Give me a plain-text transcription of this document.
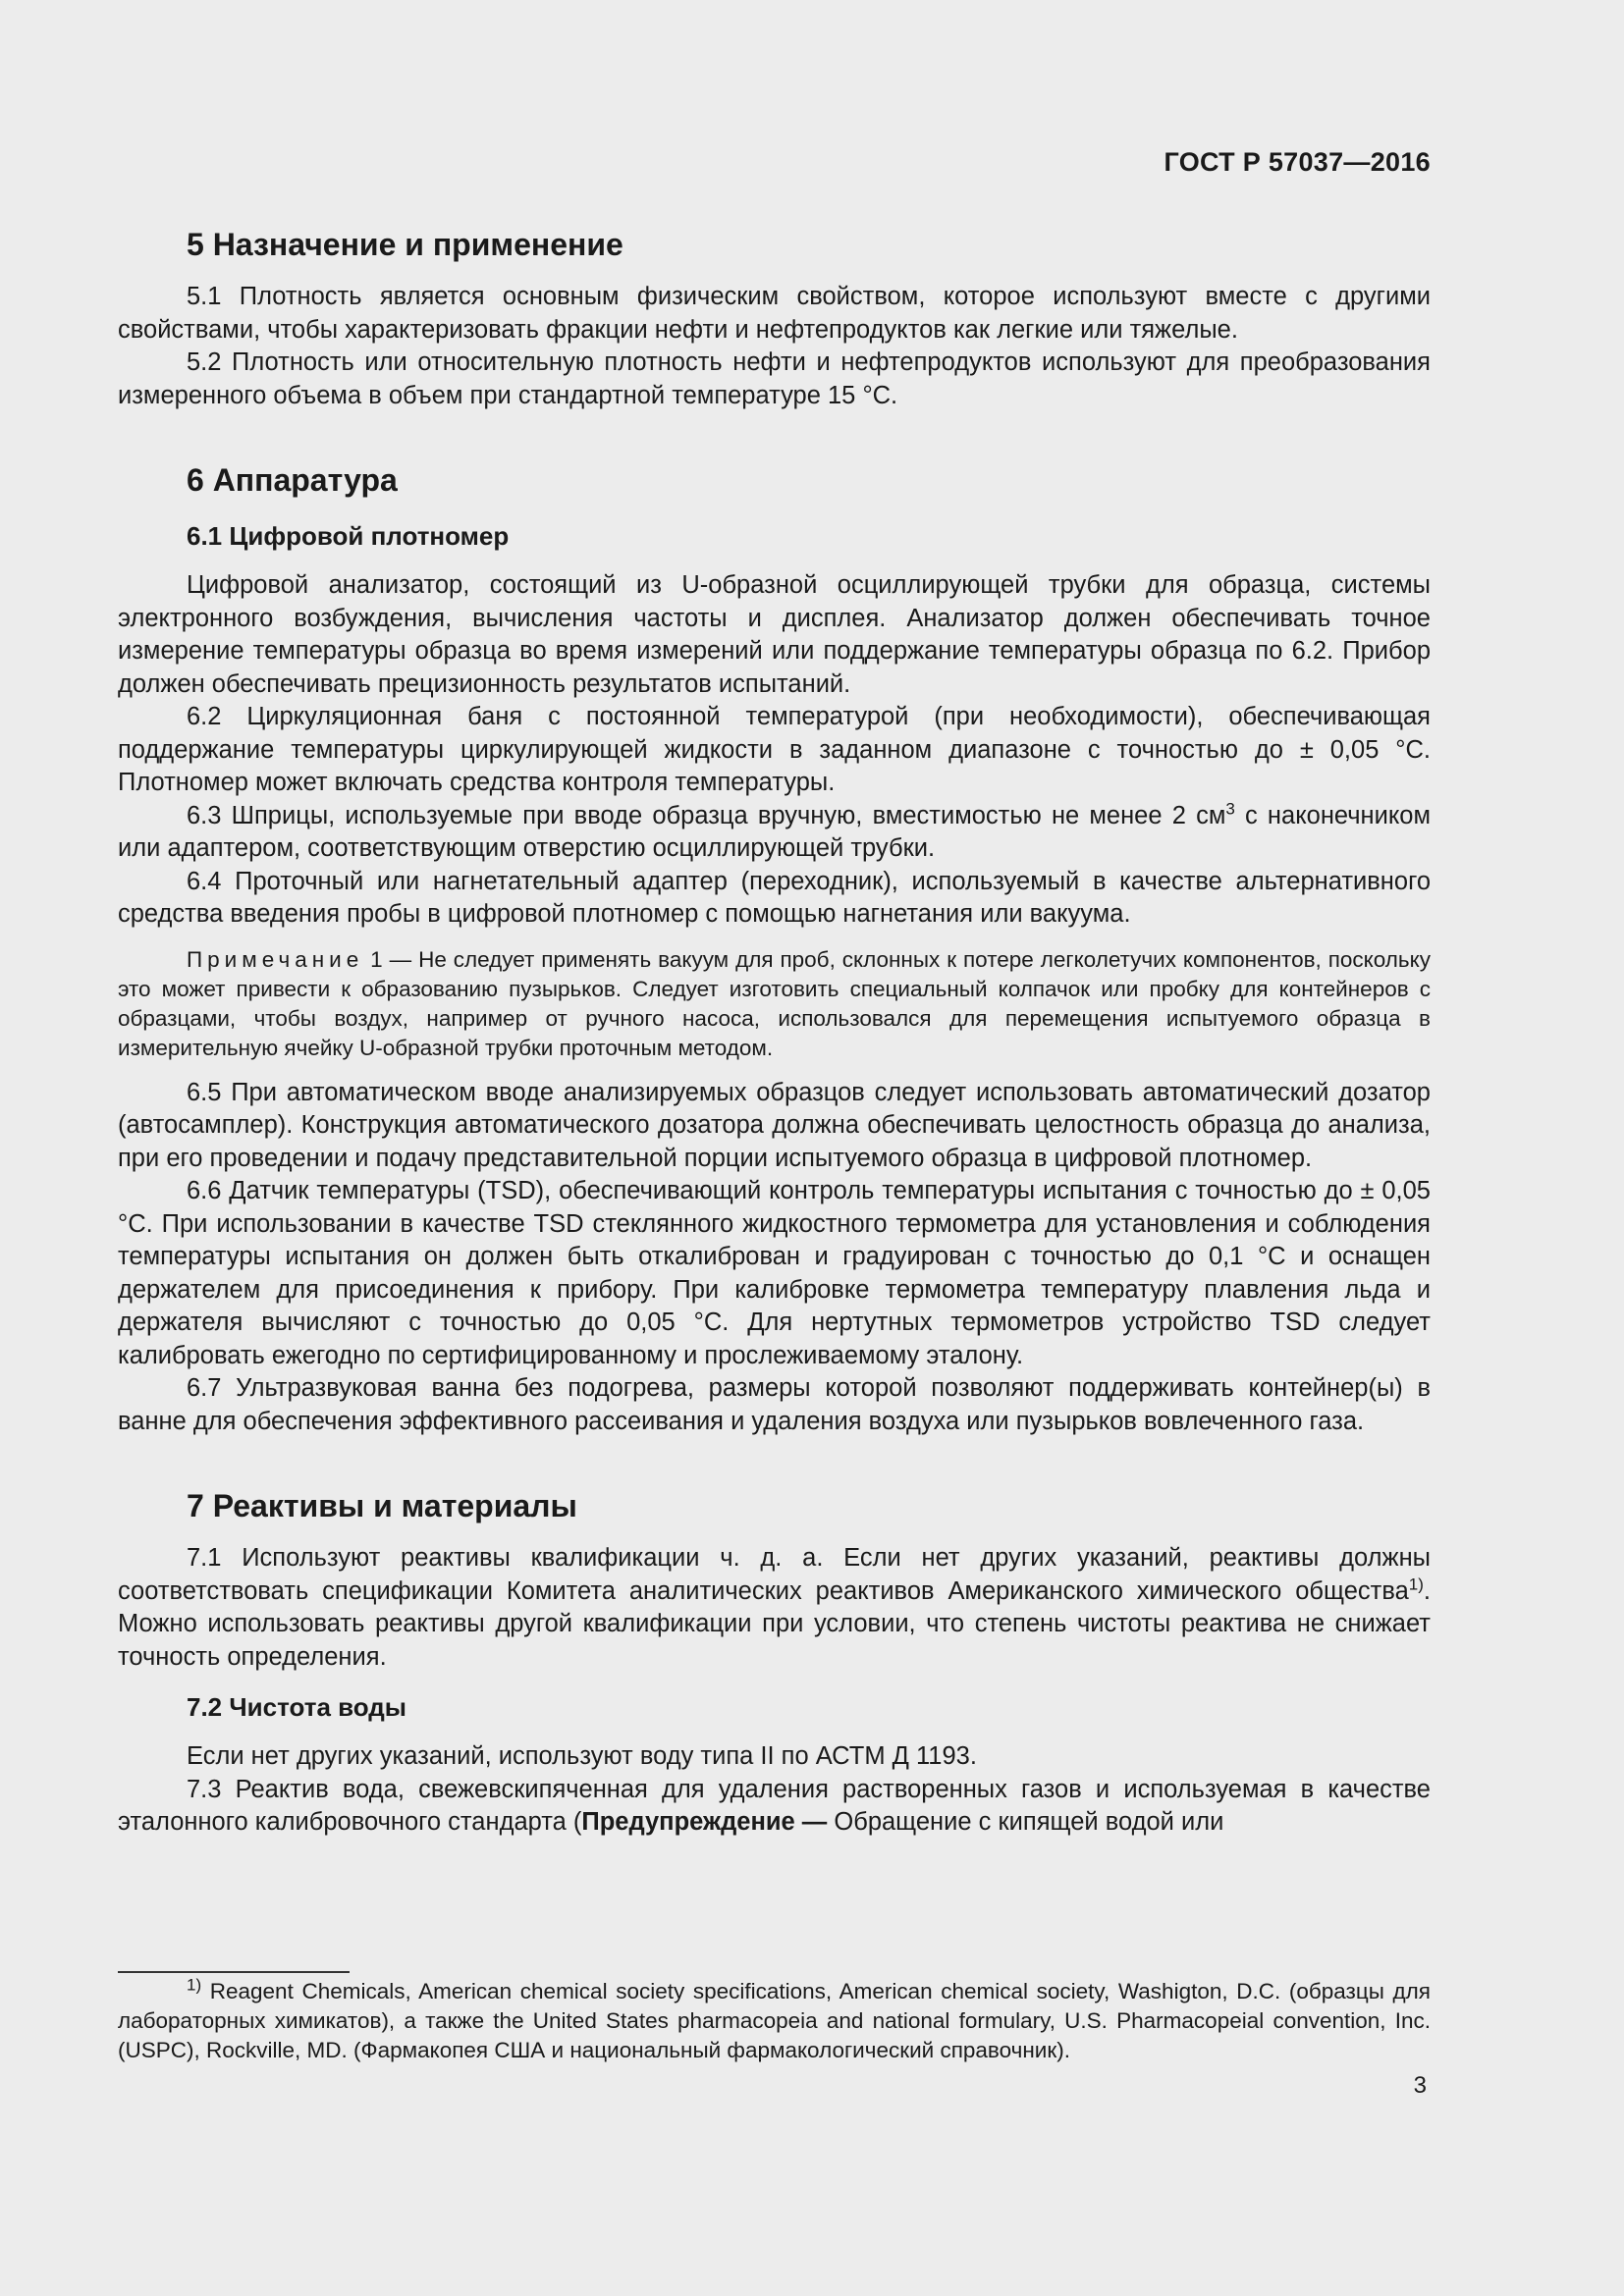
ГОСТ Р 57037—2016
5 Назначение и применение

5.1 Плотность является основным физическим свойством, которое используют вместе с другими свойствами, чтобы характеризовать фракции нефти и нефтепродуктов как легкие или тяжелые.

5.2 Плотность или относительную плотность нефти и нефтепродуктов используют для преобразования измеренного объема в объем при стандартной температуре 15 °С.

6 Аппаратура
6.1 Цифровой плотномер

Цифровой анализатор, состоящий из U-образной осциллирующей трубки для образца, системы электронного возбуждения, вычисления частоты и дисплея. Анализатор должен обеспечивать точное измерение температуры образца во время измерений или поддержание температуры образца по 6.2. Прибор должен обеспечивать прецизионность результатов испытаний.

6.2 Циркуляционная баня с постоянной температурой (при необходимости), обеспечивающая поддержание температуры циркулирующей жидкости в заданном диапазоне с точностью до ± 0,05 °С. Плотномер может включать средства контроля температуры.

6.3 Шприцы, используемые при вводе образца вручную, вместимостью не менее 2 $см^3$ с наконечником или адаптером, соответствующим отверстию осциллирующей трубки.

6.4 Проточный или нагнетательный адаптер (переходник), используемый в качестве альтернативного средства введения пробы в цифровой плотномер с помощью нагнетания или вакуума.

Примечание 1 — Не следует применять вакуум для проб, склонных к потере легколетучих компонентов, поскольку это может привести к образованию пузырьков. Следует изготовить специальный колпачок или пробку для контейнеров с образцами, чтобы воздух, например от ручного насоса, использовался для перемещения испытуемого образца в измерительную ячейку U-образной трубки проточным методом.

6.5 При автоматическом вводе анализируемых образцов следует использовать автоматический дозатор (автосамплер). Конструкция автоматического дозатора должна обеспечивать целостность образца до анализа, при его проведении и подачу представительной порции испытуемого образца в цифровой плотномер.

6.6 Датчик температуры (TSD), обеспечивающий контроль температуры испытания с точностью до ± 0,05 °С. При использовании в качестве TSD стеклянного жидкостного термометра для установления и соблюдения температуры испытания он должен быть откалиброван и градуирован с точностью до 0,1 °С и оснащен держателем для присоединения к прибору. При калибровке термометра температуру плавления льда и держателя вычисляют с точностью до 0,05 °С. Для нертутных термометров устройство TSD следует калибровать ежегодно по сертифицированному и прослеживаемому эталону.

6.7 Ультразвуковая ванна без подогрева, размеры которой позволяют поддерживать контейнер(ы) в ванне для обеспечения эффективного рассеивания и удаления воздуха или пузырьков вовлеченного газа.

7 Реактивы и материалы

7.1 Используют реактивы квалификации ч. д. а. Если нет других указаний, реактивы должны соответствовать спецификации Комитета аналитических реактивов Американского химического общества$^{1)}$. Можно использовать реактивы другой квалификации при условии, что степень чистоты реактива не снижает точность определения.

7.2 Чистота воды

Если нет других указаний, используют воду типа II по АСТМ Д 1193.

7.3 Реактив вода, свежевскипяченная для удаления растворенных газов и используемая в качестве эталонного калибровочного стандарта (Предупреждение — Обращение с кипящей водой или

$^{1)}$ Reagent Chemicals, American chemical society specifications, American chemical society, Washigton, D.C. (образцы для лабораторных химикатов), а также the United States pharmacopeia and national formulary, U.S. Pharmacopeial convention, Inc. (USPC), Rockville, MD. (Фармакопея США и национальный фармакологический справочник).
3
